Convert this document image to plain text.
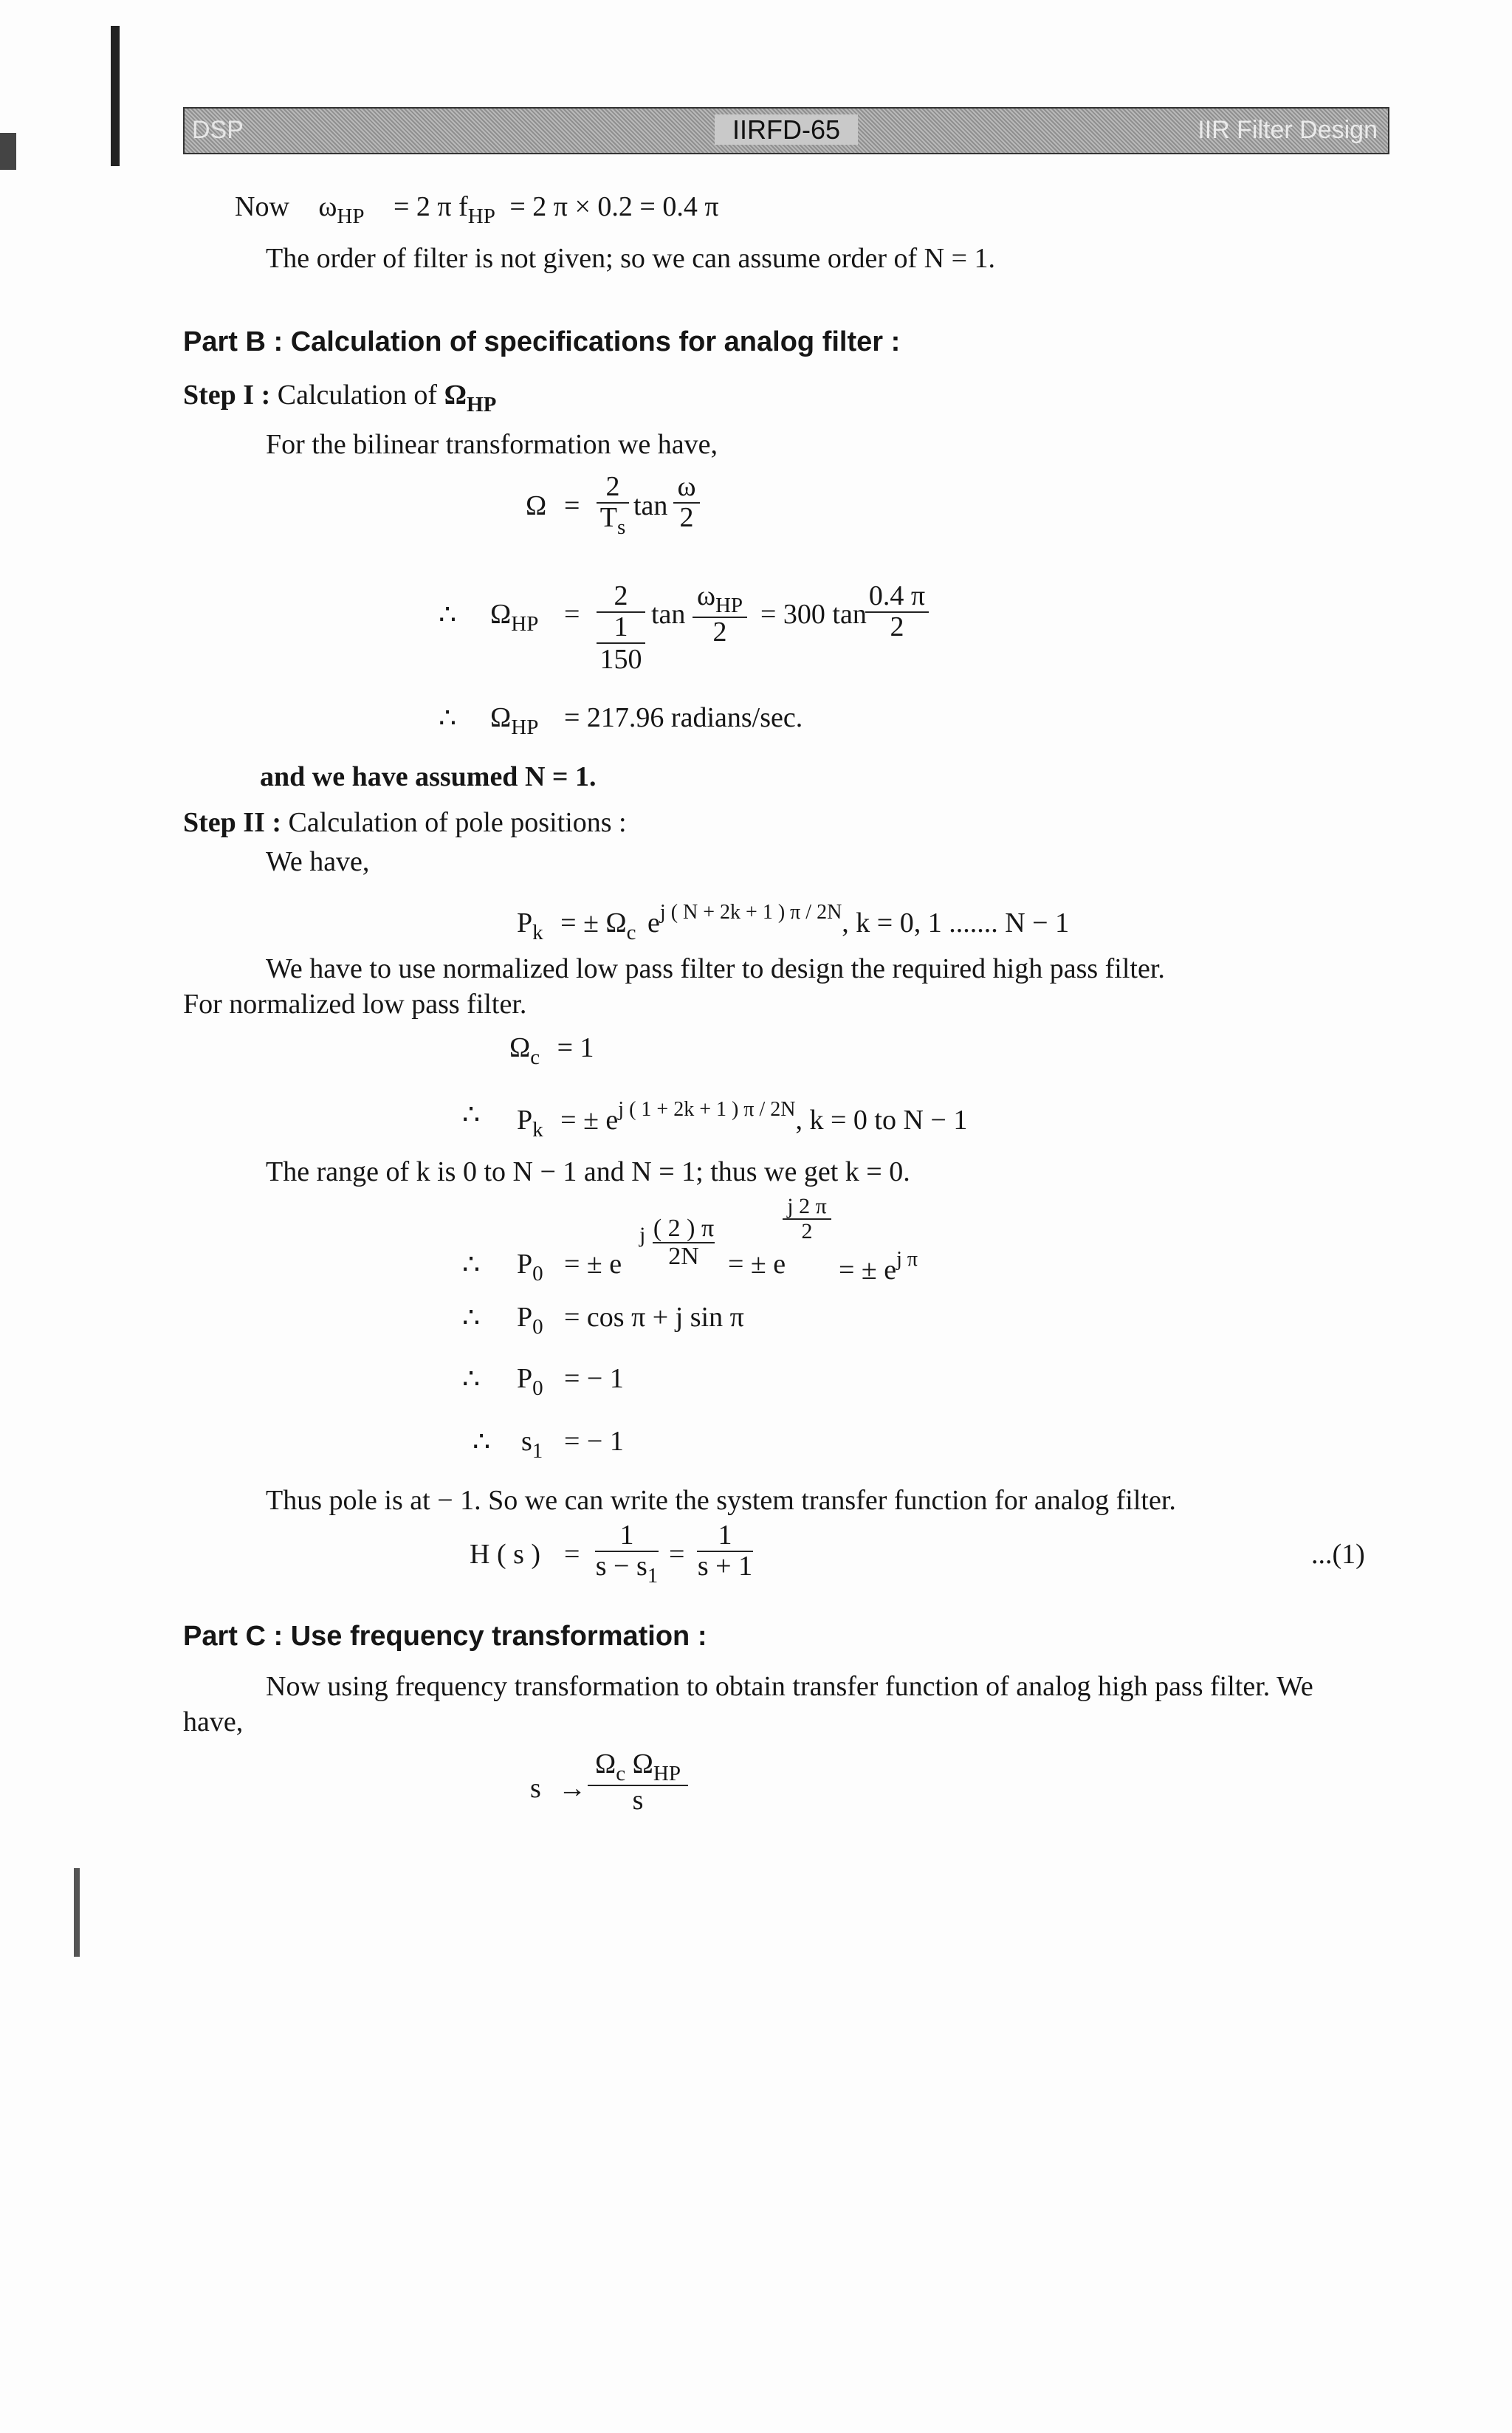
DSP	IIRFD-65	IIR Filter Design
Now $\omega_{HP} = 2$ π $f_{HP} = 2$ π × 0.2 = 0.4 π
The order of filter is not given; so we can assume order of N = 1.
Part B : Calculation of specifications for analog filter :
Step I : Calculation of $\Omega_{HP}$
For the bilinear transformation we have,
$\Omega = \frac{2}{T_s}$ $\tan \frac{\omega}{2}$
∴ $\Omega_{HP}$ =
2
1
150
tan
$\omega_{HP}$
2
= 300 tan
$\frac{0.4 \pi}{2}$
∴ $\Omega_{HP} = 217.96$ radians/sec.
and we have assumed N = 1.
Step II : Calculation of pole positions :
We have,
$P_k$ = ± $\Omega_c$ $e^{j ( N + 2k + 1 ) \pi / 2N}$, k = 0, 1 ....... N − 1
We have to use normalized low pass filter to design the required high pass filter.
For normalized low pass filter.
$\Omega_c = 1$
∴ $P_k$ = ± $e^{j ( 1 + 2k + 1 ) \pi / 2N}$, k = 0 to N − 1
The range of k is 0 to N − 1 and N = 1; thus we get k = 0.
∴ $P_0$ = ± e
j $\frac{( 2 ) \pi}{2N}$ = ± e
$\frac{j 2 \pi}{2}$
= ± $e^{j \pi}$
∴ $P_0 = \cos \pi + j$ sin π
∴ $P_0$ = − 1
∴ $s_1$ = − 1
Thus pole is at − 1. So we can write the system transfer function for analog filter.
H ( s ) = $\frac{1}{s - s_1} = \frac{1}{s + 1}$	...(1)
Part C : Use frequency transformation :
Now using frequency transformation to obtain transfer function of analog high pass filter. We
have,
s →
$\Omega_c$ $\Omega_{HP}$
s
